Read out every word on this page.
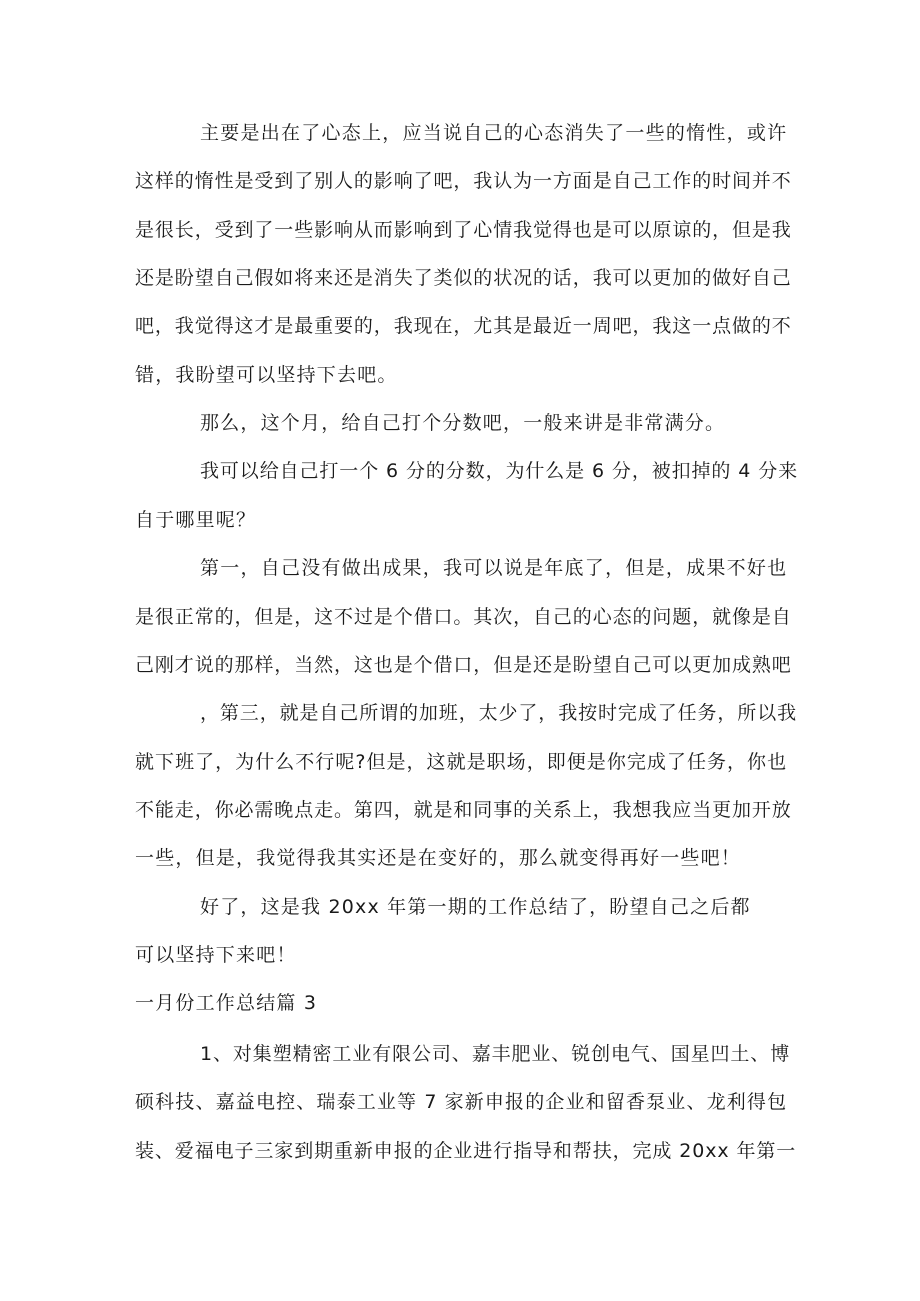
主要是出在了心态上，应当说自己的心态消失了一些的惰性，或许
这样的惰性是受到了别人的影响了吧，我认为一方面是自己工作的时间并不
是很长，受到了一些影响从而影响到了心情我觉得也是可以原谅的，但是我
还是盼望自己假如将来还是消失了类似的状况的话，我可以更加的做好自己
吧，我觉得这才是最重要的，我现在，尤其是最近一周吧，我这一点做的不
错，我盼望可以坚持下去吧。
那么，这个月，给自己打个分数吧，一般来讲是非常满分。
我可以给自己打一个 6 分的分数，为什么是 6 分，被扣掉的 4 分来
自于哪里呢？
第一，自己没有做出成果，我可以说是年底了，但是，成果不好也
是很正常的，但是，这不过是个借口。其次，自己的心态的问题，就像是自
己刚才说的那样，当然，这也是个借口，但是还是盼望自己可以更加成熟吧
，第三，就是自己所谓的加班，太少了，我按时完成了任务，所以我
就下班了，为什么不行呢?但是，这就是职场，即便是你完成了任务，你也
不能走，你必需晚点走。第四，就是和同事的关系上，我想我应当更加开放
一些，但是，我觉得我其实还是在变好的，那么就变得再好一些吧！
好了，这是我 20xx 年第一期的工作总结了，盼望自己之后都
可以坚持下来吧！
一月份工作总结篇 3
1、对集塑精密工业有限公司、嘉丰肥业、锐创电气、国星凹土、博
硕科技、嘉益电控、瑞泰工业等 7 家新申报的企业和留香泵业、龙利得包
装、爱福电子三家到期重新申报的企业进行指导和帮扶，完成 20xx 年第一
